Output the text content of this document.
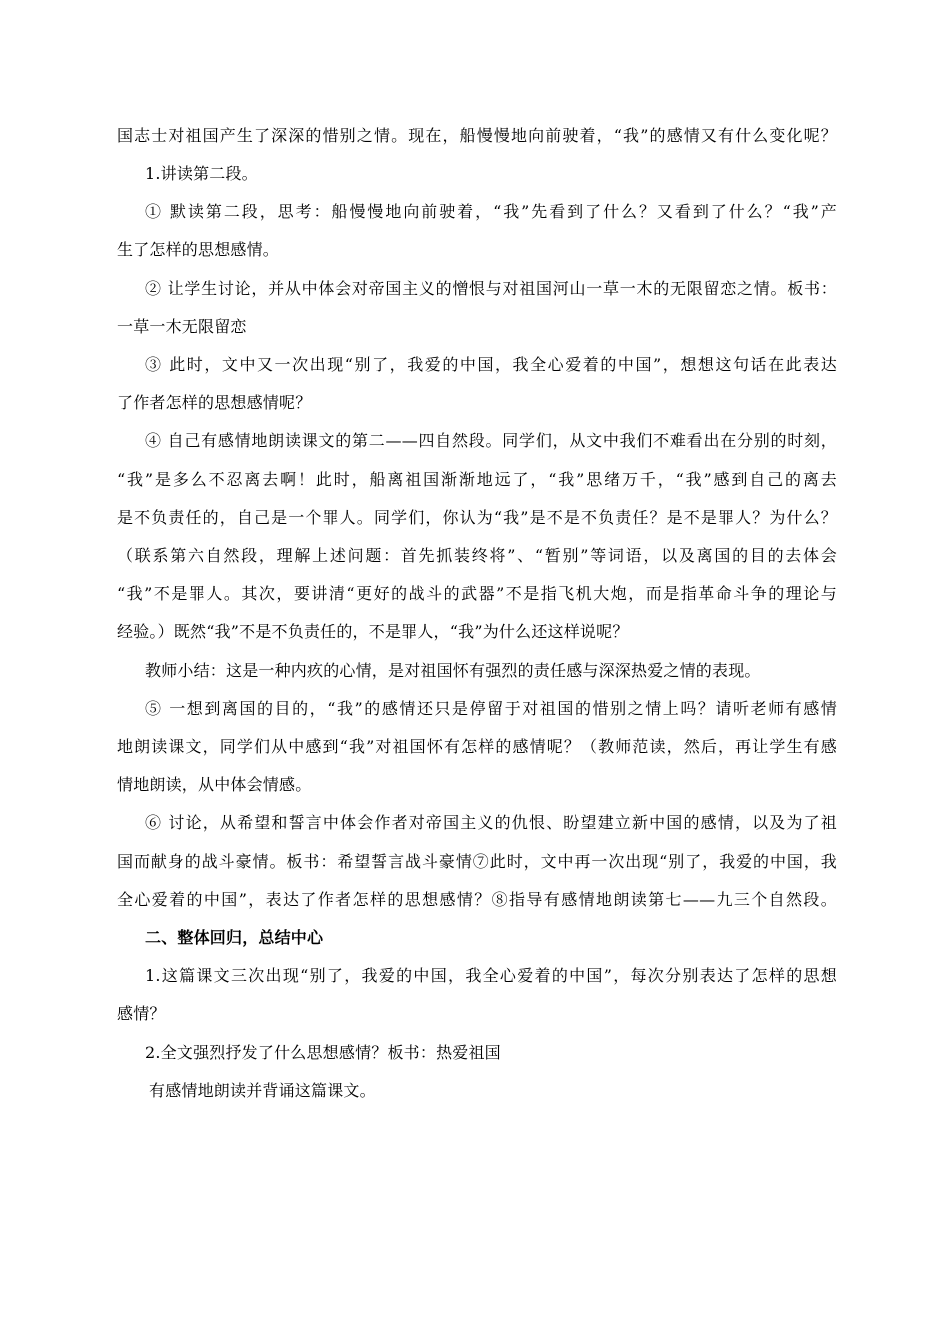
国志士对祖国产生了深深的惜别之情。现在，船慢慢地向前驶着，“我”的感情又有什么变化呢？
1.讲读第二段。
① 默读第二段，思考：船慢慢地向前驶着，“我”先看到了什么？又看到了什么？“我”产
生了怎样的思想感情。
② 让学生讨论，并从中体会对帝国主义的憎恨与对祖国河山一草一木的无限留恋之情。板书：
一草一木无限留恋
③ 此时，文中又一次出现“别了，我爱的中国，我全心爱着的中国”，想想这句话在此表达
了作者怎样的思想感情呢？
④ 自己有感情地朗读课文的第二——四自然段。同学们，从文中我们不难看出在分别的时刻，
“我”是多么不忍离去啊！此时，船离祖国渐渐地远了，“我”思绪万千，“我”感到自己的离去
是不负责任的，自己是一个罪人。同学们，你认为“我”是不是不负责任？是不是罪人？为什么？
（联系第六自然段，理解上述问题：首先抓装终将”、“暂别”等词语，以及离国的目的去体会
“我”不是罪人。其次，要讲清“更好的战斗的武器”不是指飞机大炮，而是指革命斗争的理论与
经验。）既然“我”不是不负责任的，不是罪人，“我”为什么还这样说呢？
教师小结：这是一种内疚的心情，是对祖国怀有强烈的责任感与深深热爱之情的表现。
⑤ 一想到离国的目的，“我”的感情还只是停留于对祖国的惜别之情上吗？请听老师有感情
地朗读课文，同学们从中感到“我”对祖国怀有怎样的感情呢？（教师范读，然后，再让学生有感
情地朗读，从中体会情感。
⑥ 讨论，从希望和誓言中体会作者对帝国主义的仇恨、盼望建立新中国的感情，以及为了祖
国而献身的战斗豪情。板书：希望誓言战斗豪情⑦此时，文中再一次出现“别了，我爱的中国，我
全心爱着的中国”，表达了作者怎样的思想感情？⑧指导有感情地朗读第七——九三个自然段。
二、整体回归，总结中心
1.这篇课文三次出现“别了，我爱的中国，我全心爱着的中国”，每次分别表达了怎样的思想
感情？
2.全文强烈抒发了什么思想感情？板书：热爱祖国
有感情地朗读并背诵这篇课文。
